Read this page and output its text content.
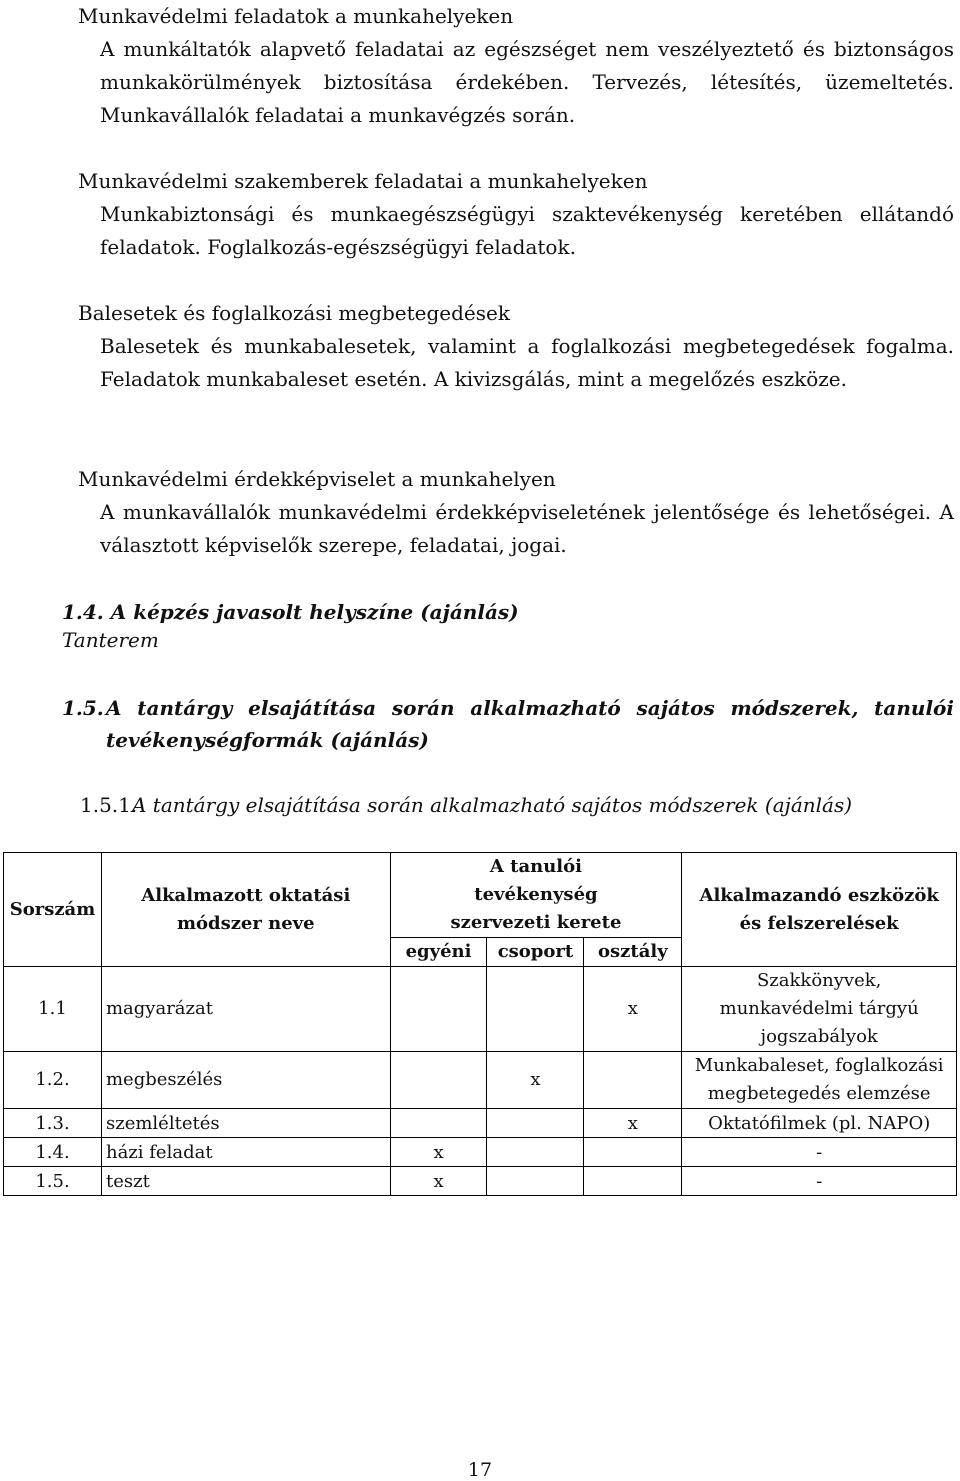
Munkavédelmi feladatok a munkahelyeken
A munkáltatók alapvető feladatai az egészséget nem veszélyeztető és biztonságos munkakörülmények biztosítása érdekében. Tervezés, létesítés, üzemeltetés. Munkavállalók feladatai a munkavégzés során.
Munkavédelmi szakemberek feladatai a munkahelyeken
Munkabiztonsági és munkaegészségügyi szaktevékenység keretében ellátandó feladatok. Foglalkozás-egészségügyi feladatok.
Balesetek és foglalkozási megbetegedések
Balesetek és munkabalesetek, valamint a foglalkozási megbetegedések fogalma. Feladatok munkabaleset esetén. A kivizsgálás, mint a megelőzés eszköze.
Munkavédelmi érdekképviselet a munkahelyen
A munkavállalók munkavédelmi érdekképviseletének jelentősége és lehetőségei. A választott képviselők szerepe, feladatai, jogai.
1.4. A képzés javasolt helyszíne (ajánlás)
Tanterem
1.5. A tantárgy elsajátítása során alkalmazható sajátos módszerek, tanulói tevékenységformák (ajánlás)
1.5.1.
A tantárgy elsajátítása során alkalmazható sajátos módszerek (ajánlás)
Sorszám	Alkalmazott oktatási módszer neve	A tanulói tevékenység szervezeti kerete			Alkalmazandó eszközök és felszerelések
		egyéni	csoport	osztály	
1.1	magyarázat			x	Szakkönyvek, munkavédelmi tárgyú jogszabályok
1.2.	megbeszélés		x		Munkabaleset, foglalkozási megbetegedés elemzése
1.3.	szemléltetés			x	Oktatófilmek (pl. NAPO)
1.4.	házi feladat	x			-
1.5.	teszt	x			-
17
